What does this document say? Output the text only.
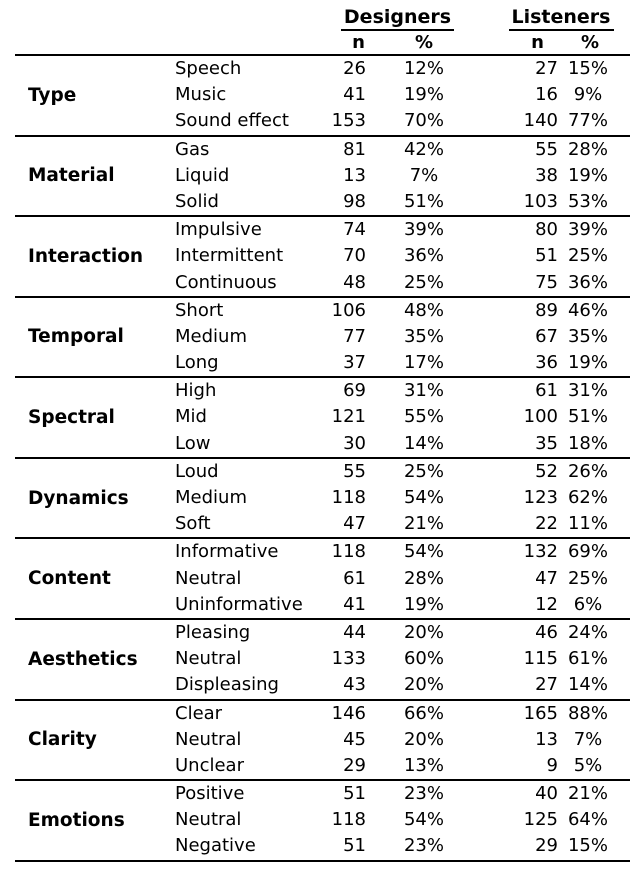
Designers	Listeners
n	%	n	%
Type
Speech	26	12%	27 15%
Music	41	19%	16 9%
Sound effect	153	70%	140 77%
Material
Gas	81	42%	55 28%
Liquid	13	7%	38 19%
Solid	98	51%	103 53%
Interaction
Impulsive	74	39%	80 39%
Intermittent	70	36%	51 25%
Continuous	48	25%	75 36%
Temporal
Short	106	48%	89 46%
Medium	77	35%	67 35%
Long	37	17%	36 19%
Spectral
High	69	31%	61 31%
Mid	121	55%	100 51%
Low	30	14%	35 18%
Dynamics
Loud	55	25%	52 26%
Medium	118	54%	123 62%
Soft	47	21%	22 11%
Content
Informative	118	54%	132 69%
Neutral	61	28%	47 25%
Uninformative	41	19%	12 6%
Aesthetics
Pleasing	44	20%	46 24%
Neutral	133	60%	115 61%
Displeasing	43	20%	27 14%
Clarity
Clear	146	66%	165 88%
Neutral	45	20%	13 7%
Unclear	29	13%	9 5%
Emotions
Positive	51	23%	40 21%
Neutral	118	54%	125 64%
Negative	51	23%	29 15%
